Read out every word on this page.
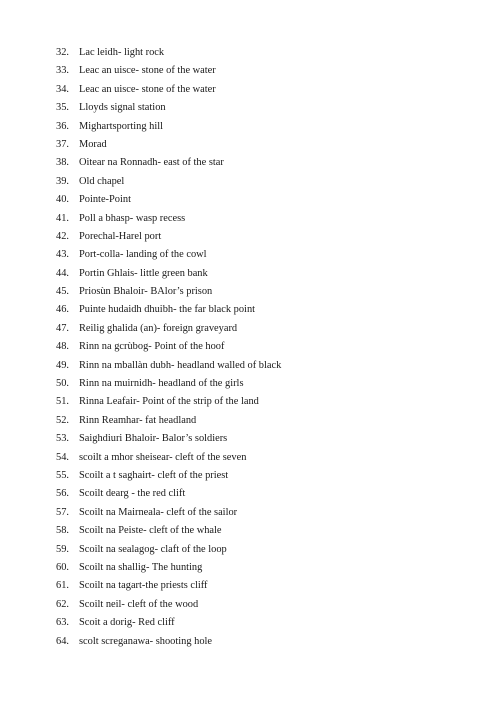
32. Lac leidh- light rock
33. Leac an uisce- stone of the water
34. Leac an uisce- stone of the water
35. Lloyds signal station
36. Mighartsporting hill
37. Morad
38. Oitear na Ronnadh- east of the star
39. Old chapel
40. Pointe-Point
41. Poll a bhasp- wasp recess
42. Porechal-Harel port
43. Port-colla- landing of the cowl
44. Portin Ghlais- little green bank
45. Priosùn Bhaloir- BAlor’s prison
46. Puinte hudaidh dhuibh- the far black point
47. Reilig ghalida (an)- foreign graveyard
48. Rinn na gcrùbog- Point of the hoof
49. Rinn na mballàn dubh- headland walled of black
50. Rinn na muirnidh- headland of the girls
51. Rinna Leafair- Point of the strip of the land
52. Rinn Reamhar- fat headland
53. Saighdiuri Bhaloir- Balor’s soldiers
54. scoilt a mhor sheisear- cleft of the seven
55. Scoilt a t saghairt- cleft of the priest
56. Scoilt dearg - the red clift
57. Scoilt na Mairneala- cleft of the sailor
58. Scoilt na Peiste- cleft of the whale
59. Scoilt na sealagog- claft of the loop
60. Scoilt na shallig- The hunting
61. Scoilt na tagart-the priests cliff
62. Scoilt neil- cleft of the wood
63. Scoit a dorig- Red cliff
64. scolt screganawa- shooting hole
